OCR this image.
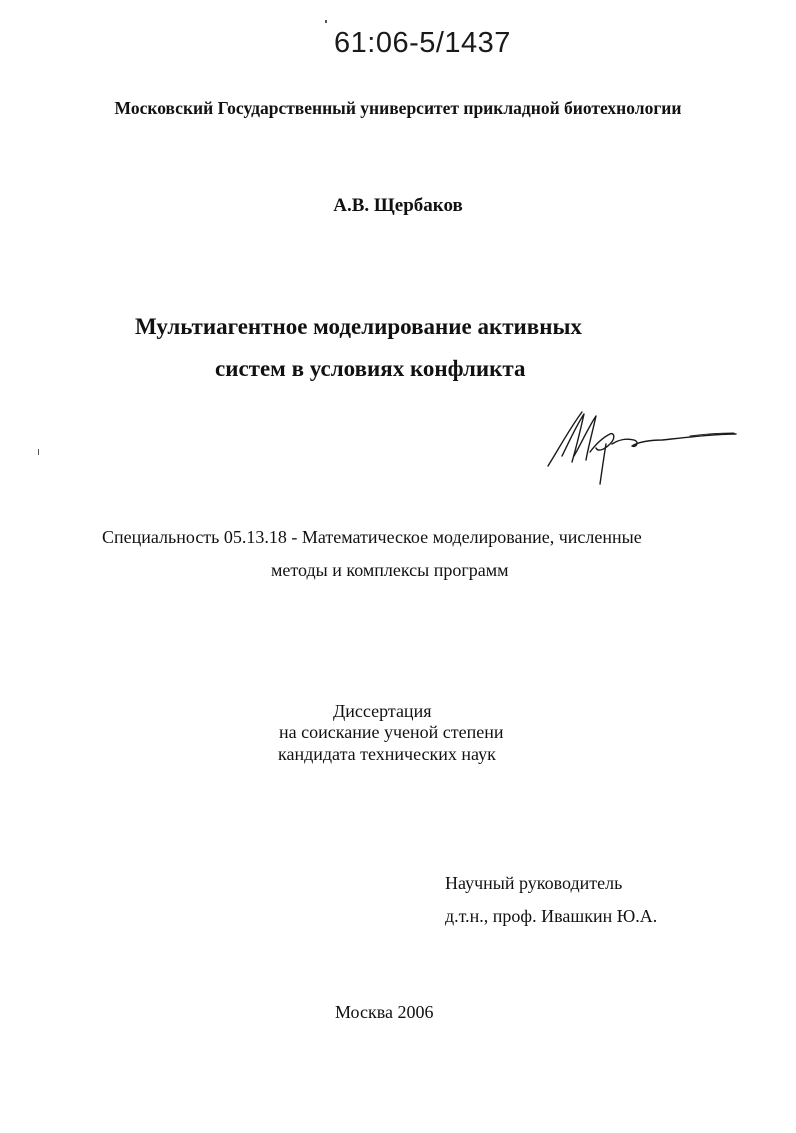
61:06-5/1437
Московский Государственный университет прикладной биотехнологии
А.В. Щербаков
Мультиагентное моделирование активных
систем в условиях конфликта
Специальность 05.13.18 - Математическое моделирование, численные
методы и комплексы программ
Диссертация
на соискание ученой степени
кандидата технических наук
Научный руководитель
д.т.н., проф. Ивашкин Ю.А.
Москва 2006
